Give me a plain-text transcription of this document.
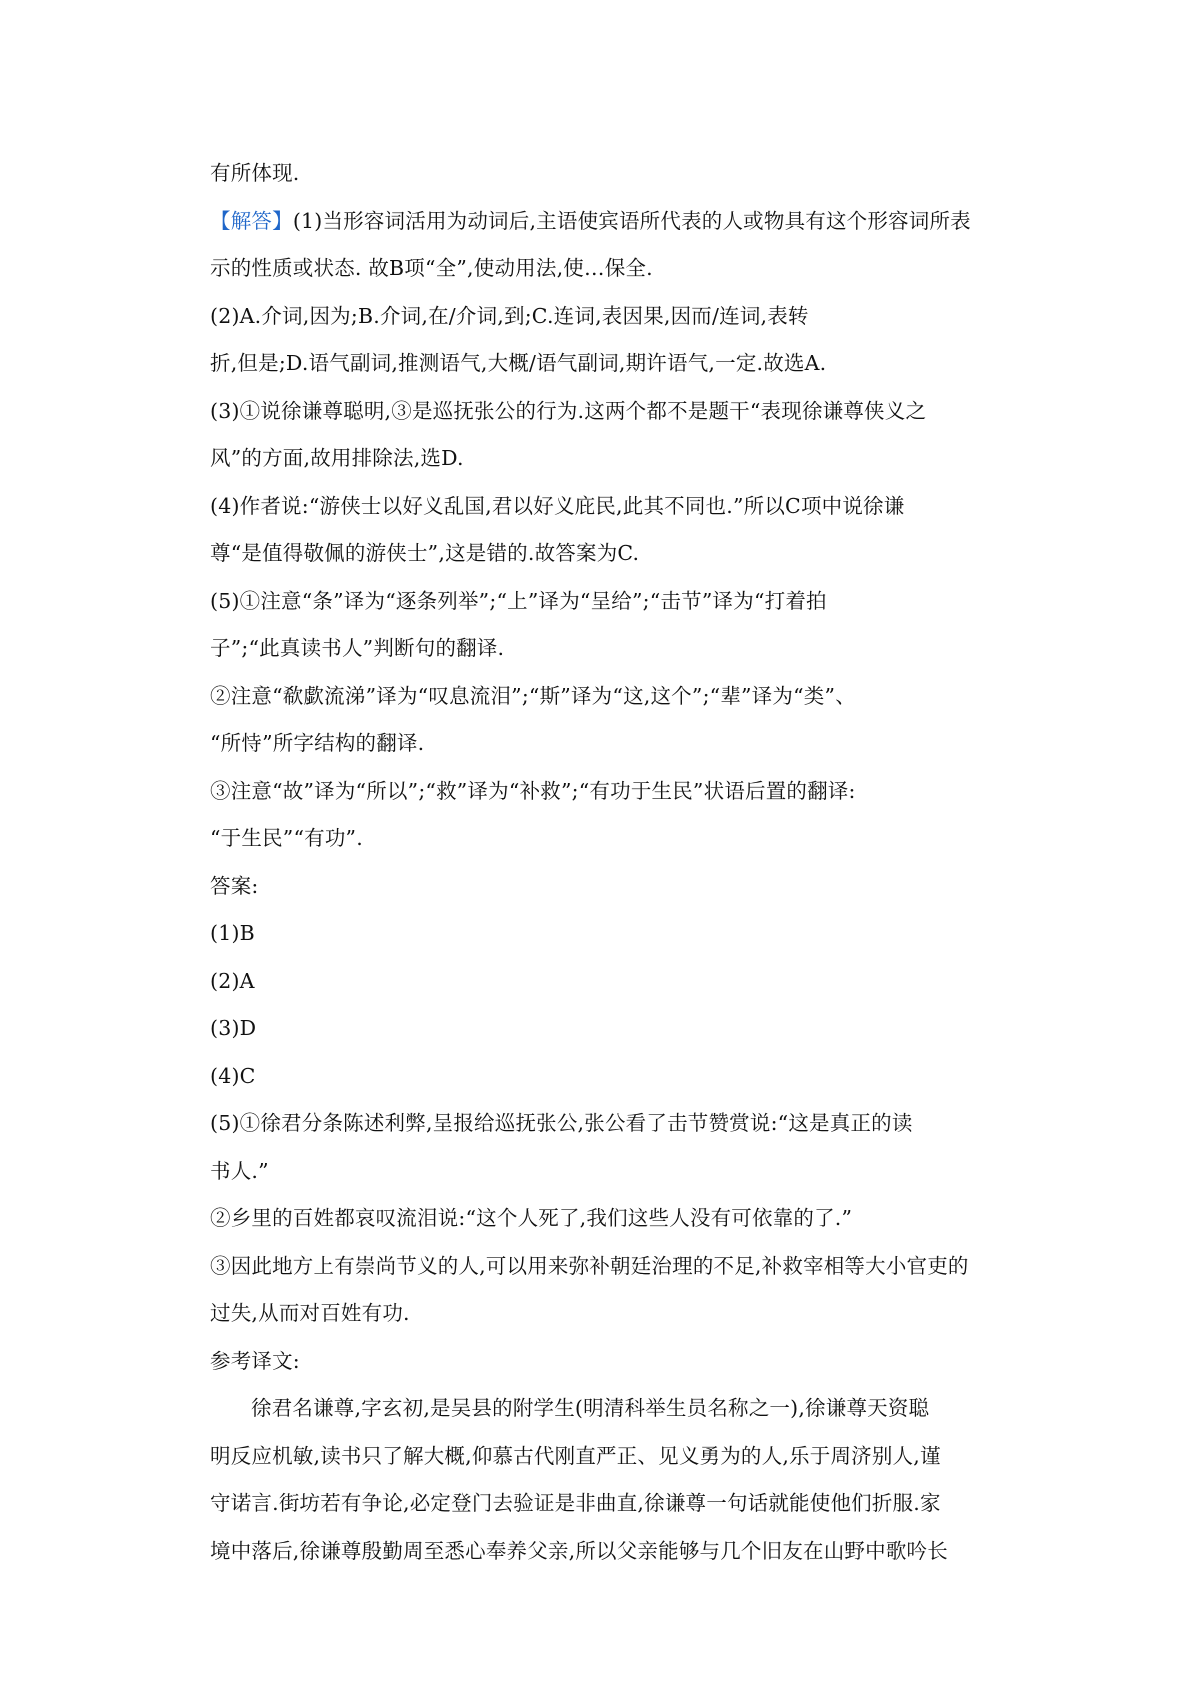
有所体现.
【解答】(1)当形容词活用为动词后,主语使宾语所代表的人或物具有这个形容词所表
示的性质或状态. 故B项“全”,使动用法,使…保全.
(2)A.介词,因为;B.介词,在/介词,到;C.连词,表因果,因而/连词,表转
折,但是;D.语气副词,推测语气,大概/语气副词,期许语气,一定.故选A.
(3)①说徐谦尊聪明,③是巡抚张公的行为.这两个都不是题干“表现徐谦尊侠义之
风”的方面,故用排除法,选D.
(4)作者说:“游侠士以好义乱国,君以好义庇民,此其不同也.”所以C项中说徐谦
尊“是值得敬佩的游侠士”,这是错的.故答案为C.
(5)①注意“条”译为“逐条列举”;“上”译为“呈给”;“击节”译为“打着拍
子”;“此真读书人”判断句的翻译.
②注意“欷歔流涕”译为“叹息流泪”;“斯”译为“这,这个”;“辈”译为“类”、
“所恃”所字结构的翻译.
③注意“故”译为“所以”;“救”译为“补救”;“有功于生民”状语后置的翻译:
“于生民”“有功”.
答案:
(1)B
(2)A
(3)D
(4)C
(5)①徐君分条陈述利弊,呈报给巡抚张公,张公看了击节赞赏说:“这是真正的读
书人.”
②乡里的百姓都哀叹流泪说:“这个人死了,我们这些人没有可依靠的了.”
③因此地方上有崇尚节义的人,可以用来弥补朝廷治理的不足,补救宰相等大小官吏的
过失,从而对百姓有功.
参考译文:
徐君名谦尊,字玄初,是吴县的附学生(明清科举生员名称之一),徐谦尊天资聪
明反应机敏,读书只了解大概,仰慕古代刚直严正、见义勇为的人,乐于周济别人,谨
守诺言.街坊若有争论,必定登门去验证是非曲直,徐谦尊一句话就能使他们折服.家
境中落后,徐谦尊殷勤周至悉心奉养父亲,所以父亲能够与几个旧友在山野中歌吟长
